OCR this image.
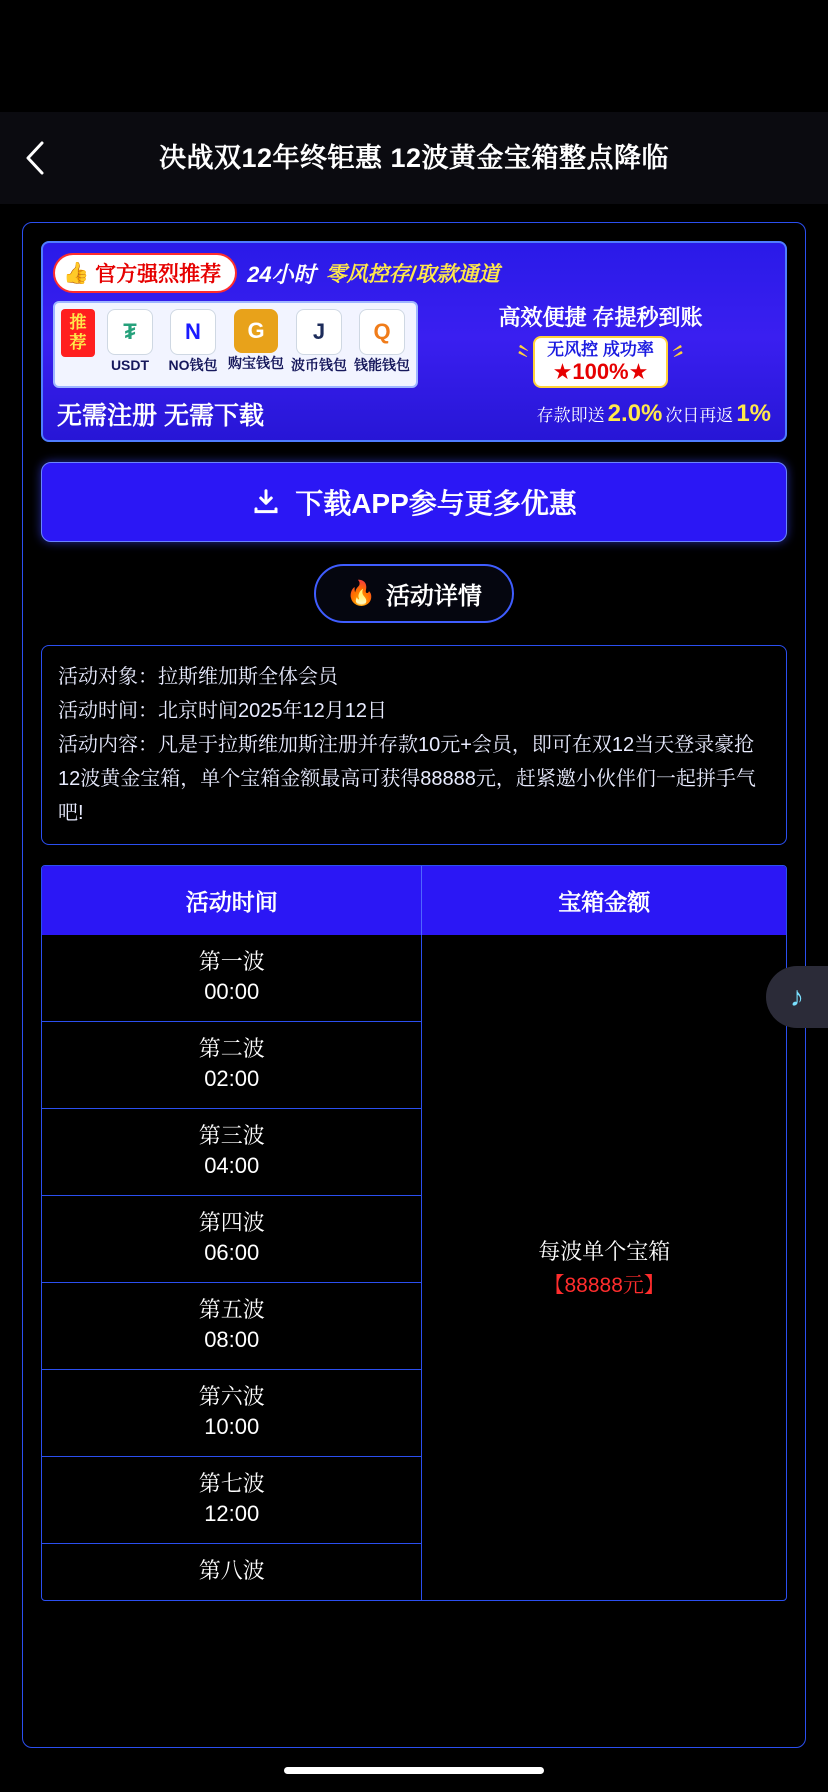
决战双12年终钜惠 12波黄金宝箱整点降临
👍 官方强烈推荐 24小时 零风控存/取款通道
推荐	₮
USDT
N
NO钱包
G
购宝钱包
J
波币钱包
Q
钱能钱包
高效便捷 存提秒到账
〝 无风控 成功率
★100%★ 〞
无需注册 无需下载	存款即送 2.0% 次日再返 1%
下载APP参与更多优惠
🔥 活动详情

活动对象：拉斯维加斯全体会员

活动时间：北京时间2025年12月12日

活动内容：凡是于拉斯维加斯注册并存款10元+会员，即可在双12当天登录豪抢12波黄金宝箱，单个宝箱金额最高可获得88888元，赶紧邀小伙伴们一起拼手气吧!

活动时间	宝箱金额
第一波
00:00
第二波
02:00
第三波
04:00
第四波
06:00
第五波
08:00
第六波
10:00
第七波
12:00
第八波
每波单个宝箱
【88888元】
♪
